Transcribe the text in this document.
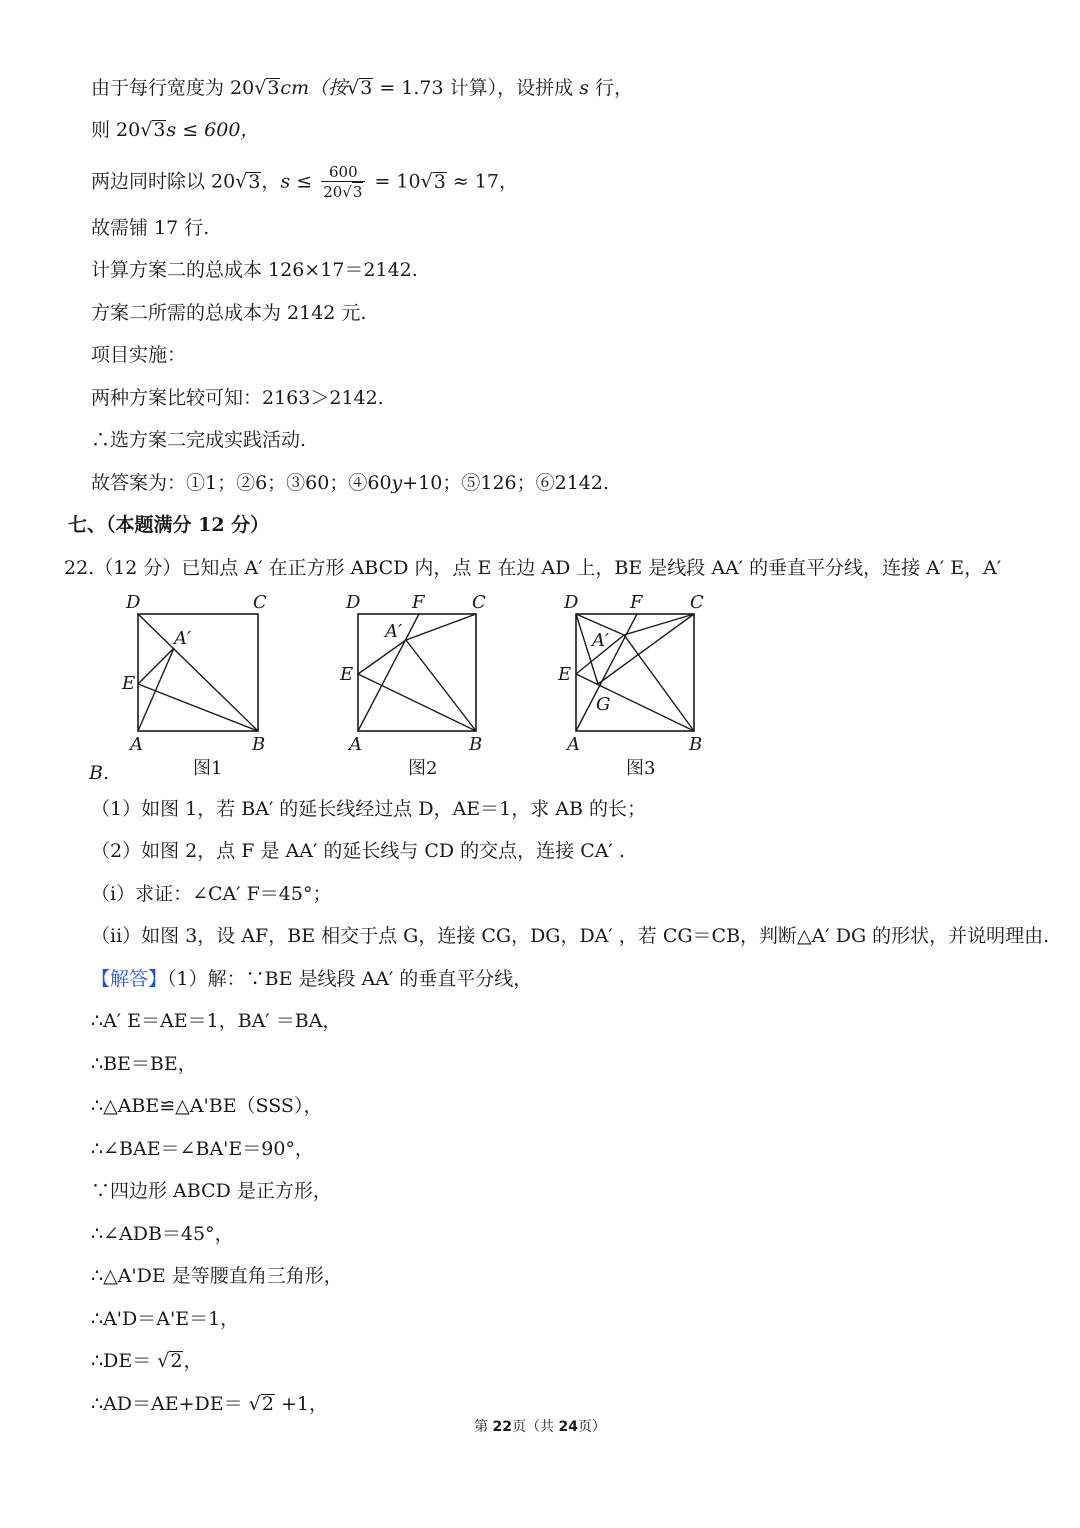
由于每行宽度为 20√3cm（按√3 = 1.73 计算），设拼成 s 行，
则 20√3s ≤ 600，
两边同时除以 20√3，$s \le \frac{600}{20√3} = 10√3 \approx 17$，
故需铺 17 行.
计算方案二的总成本 126×17＝2142.
方案二所需的总成本为 2142 元.
项目实施：
两种方案比较可知：2163＞2142.
∴选方案二完成实践活动.
故答案为：①1；②6；③60；④60y+10；⑤126；⑥2142.
七、（本题满分 12 分）
22.（12 分）已知点 A′ 在正方形 ABCD 内，点 E 在边 AD 上，BE 是线段 AA′ 的垂直平分线，连接 A′ E，A′
D	C
A′
E
A	B
图1
B.
D	F	C
A′
E
A	B
图2
D	F	C
A′
E
G
A	B
图3
（1）如图 1，若 BA′ 的延长线经过点 D，AE＝1，求 AB 的长；
（2）如图 2，点 F 是 AA′ 的延长线与 CD 的交点，连接 CA′ .
（i）求证：∠CA′ F＝45°；
（ii）如图 3，设 AF，BE 相交于点 G，连接 CG，DG，DA′ ，若 CG＝CB，判断△A′ DG 的形状，并说明理由.
【解答】（1）解：∵BE 是线段 AA′ 的垂直平分线，
∴A′ E＝AE＝1，BA′ ＝BA，
∴BE＝BE，
∴△ABE≌△A'BE（SSS），
∴∠BAE＝∠BA'E＝90°，
∵四边形 ABCD 是正方形，
∴∠ADB＝45°，
∴△A'DE 是等腰直角三角形，
∴A'D＝A'E＝1，
∴DE＝ √2，
∴AD＝AE+DE＝ √2 +1，
第 22页（共 24页）
